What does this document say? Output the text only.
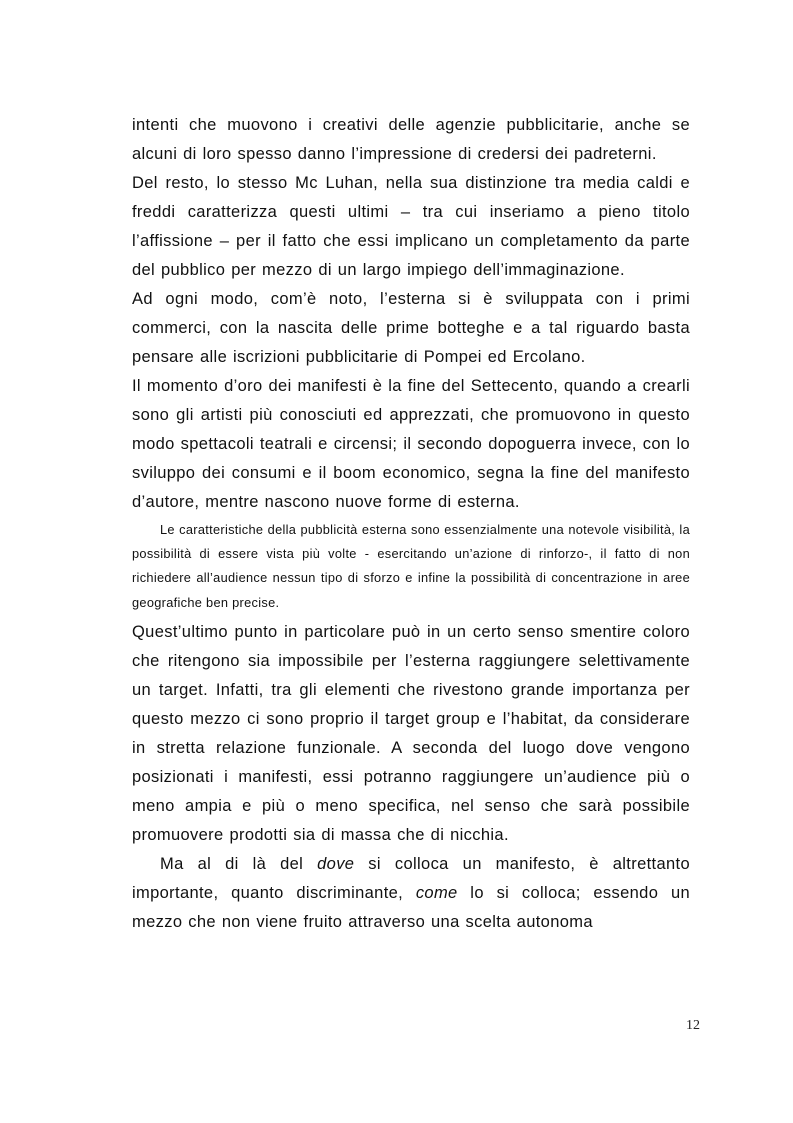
intenti che muovono i creativi delle agenzie pubblicitarie, anche se alcuni di loro spesso danno l’impressione di credersi dei padreterni.

Del resto, lo stesso Mc Luhan, nella sua distinzione tra media caldi e freddi caratterizza questi ultimi – tra cui inseriamo a pieno titolo l’affissione – per il fatto che essi implicano un completamento da parte del pubblico per mezzo di un largo impiego dell’immaginazione.

Ad ogni modo, com’è noto, l’esterna si è sviluppata con i primi commerci, con la nascita delle prime botteghe e a tal riguardo basta pensare alle iscrizioni pubblicitarie di Pompei ed Ercolano.

Il momento d’oro dei manifesti è la fine del Settecento, quando a crearli sono gli artisti più conosciuti ed apprezzati, che promuovono in questo modo spettacoli teatrali e circensi; il secondo dopoguerra invece, con lo sviluppo dei consumi e il boom economico, segna la fine del manifesto d’autore, mentre nascono nuove forme di esterna.

Le caratteristiche della pubblicità esterna sono essenzialmente una notevole visibilità, la possibilità di essere vista più volte - esercitando un’azione di rinforzo-, il fatto di non richiedere all’audience nessun tipo di sforzo e infine la possibilità di concentrazione in aree geografiche ben precise.

Quest’ultimo punto in particolare può in un certo senso smentire coloro che ritengono sia impossibile per l’esterna raggiungere selettivamente un target. Infatti, tra gli elementi che rivestono grande importanza per questo mezzo ci sono proprio il target group e l’habitat, da considerare in stretta relazione funzionale. A seconda del luogo dove vengono posizionati i manifesti, essi potranno raggiungere un’audience più o meno ampia e più o meno specifica, nel senso che sarà possibile promuovere prodotti sia di massa che di nicchia.

Ma al di là del dove si colloca un manifesto, è altrettanto importante, quanto discriminante, come lo si colloca; essendo un mezzo che non viene fruito attraverso una scelta autonoma

12
